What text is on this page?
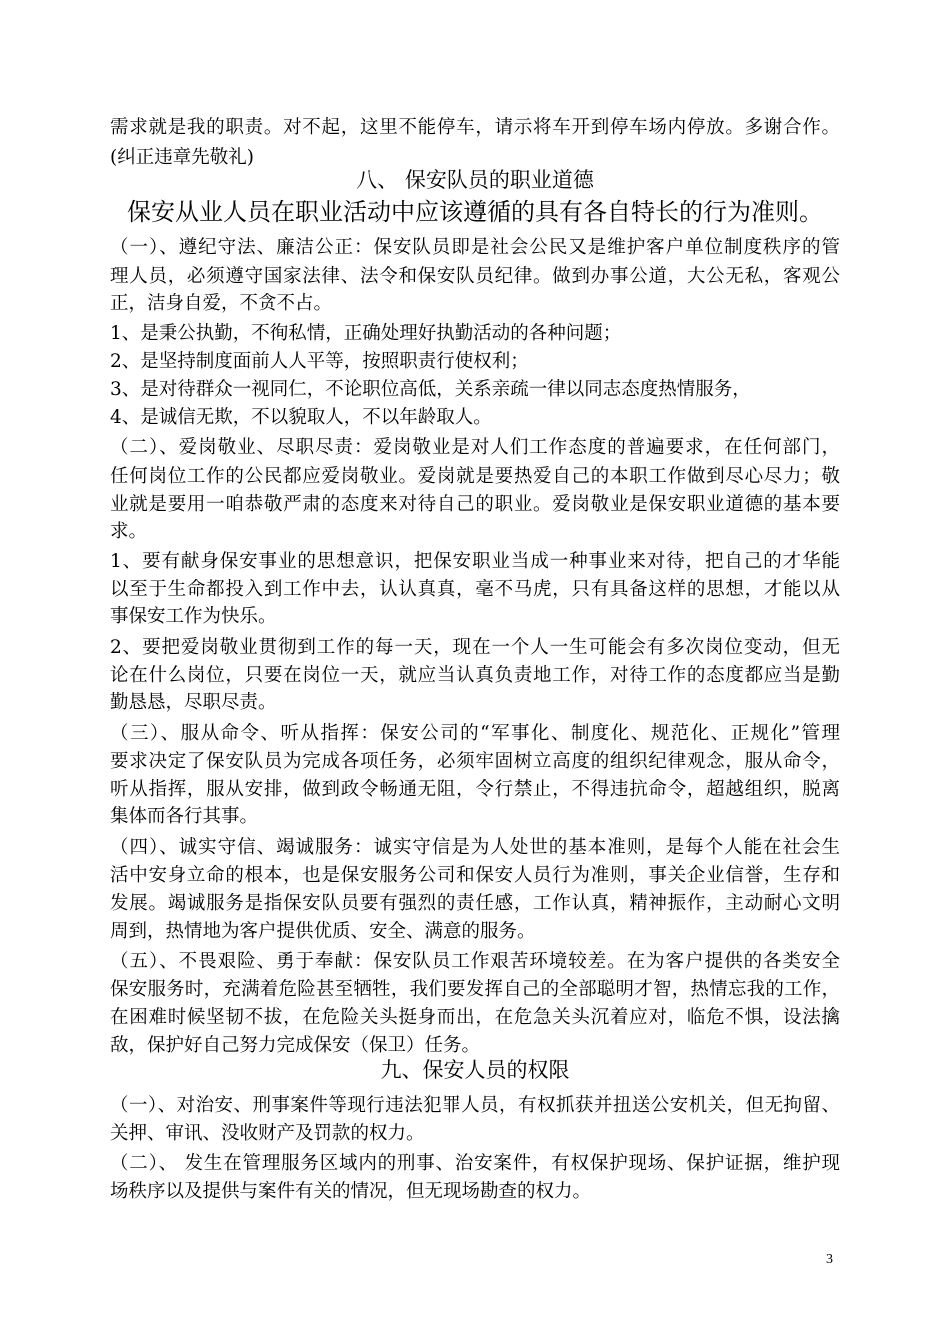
需求就是我的职责。对不起，这里不能停车，请示将车开到停车场内停放。多谢合作。
(纠正违章先敬礼)
八、 保安队员的职业道德
保安从业人员在职业活动中应该遵循的具有各自特长的行为准则。
（一）、遵纪守法、廉洁公正：保安队员即是社会公民又是维护客户单位制度秩序的管
理人员，必须遵守国家法律、法令和保安队员纪律。做到办事公道，大公无私，客观公
正，洁身自爱，不贪不占。
1、是秉公执勤，不徇私情，正确处理好执勤活动的各种问题；
2、是坚持制度面前人人平等，按照职责行使权利；
3、是对待群众一视同仁，不论职位高低，关系亲疏一律以同志态度热情服务，
4、是诚信无欺，不以貌取人，不以年龄取人。
（二）、爱岗敬业、尽职尽责：爱岗敬业是对人们工作态度的普遍要求，在任何部门，
任何岗位工作的公民都应爱岗敬业。爱岗就是要热爱自己的本职工作做到尽心尽力；敬
业就是要用一咱恭敬严肃的态度来对待自己的职业。爱岗敬业是保安职业道德的基本要
求。
1、要有献身保安事业的思想意识，把保安职业当成一种事业来对待，把自己的才华能
以至于生命都投入到工作中去，认认真真，毫不马虎，只有具备这样的思想，才能以从
事保安工作为快乐。
2、要把爱岗敬业贯彻到工作的每一天，现在一个人一生可能会有多次岗位变动，但无
论在什么岗位，只要在岗位一天，就应当认真负责地工作，对待工作的态度都应当是勤
勤恳恳，尽职尽责。
（三）、服从命令、听从指挥：保安公司的“军事化、制度化、规范化、正规化”管理
要求决定了保安队员为完成各项任务，必须牢固树立高度的组织纪律观念，服从命令，
听从指挥，服从安排，做到政令畅通无阻，令行禁止，不得违抗命令，超越组织，脱离
集体而各行其事。
（四）、诚实守信、竭诚服务：诚实守信是为人处世的基本准则，是每个人能在社会生
活中安身立命的根本，也是保安服务公司和保安人员行为准则，事关企业信誉，生存和
发展。竭诚服务是指保安队员要有强烈的责任感，工作认真，精神振作，主动耐心文明
周到，热情地为客户提供优质、安全、满意的服务。
（五）、不畏艰险、勇于奉献：保安队员工作艰苦环境较差。在为客户提供的各类安全
保安服务时，充满着危险甚至牺牲，我们要发挥自己的全部聪明才智，热情忘我的工作，
在困难时候坚韧不拔，在危险关头挺身而出，在危急关头沉着应对，临危不惧，设法擒
敌，保护好自己努力完成保安（保卫）任务。
九、保安人员的权限
（一）、对治安、刑事案件等现行违法犯罪人员，有权抓获并扭送公安机关，但无拘留、
关押、审讯、没收财产及罚款的权力。
（二）、 发生在管理服务区域内的刑事、治安案件，有权保护现场、保护证据，维护现
场秩序以及提供与案件有关的情况，但无现场勘查的权力。
3
